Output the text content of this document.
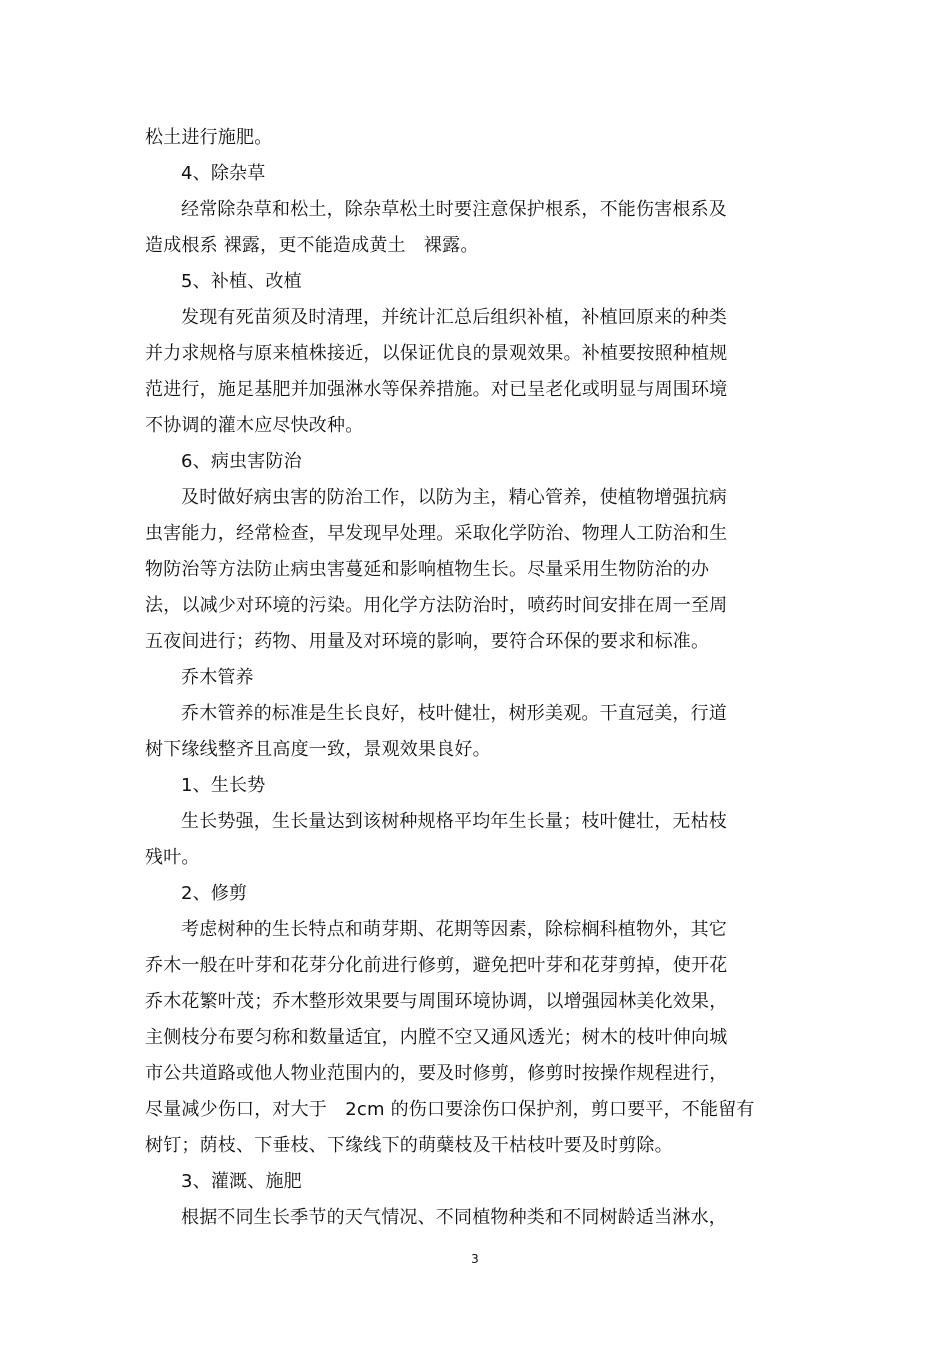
松土进行施肥。
4、除杂草
经常除杂草和松土，除杂草松土时要注意保护根系，不能伤害根系及
造成根系 裸露，更不能造成黄土　裸露。
5、补植、改植
发现有死苗须及时清理，并统计汇总后组织补植，补植回原来的种类
并力求规格与原来植株接近，以保证优良的景观效果。补植要按照种植规
范进行，施足基肥并加强淋水等保养措施。对已呈老化或明显与周围环境
不协调的灌木应尽快改种。
6、病虫害防治
及时做好病虫害的防治工作，以防为主，精心管养，使植物增强抗病
虫害能力，经常检查，早发现早处理。采取化学防治、物理人工防治和生
物防治等方法防止病虫害蔓延和影响植物生长。尽量采用生物防治的办
法，以减少对环境的污染。用化学方法防治时，喷药时间安排在周一至周
五夜间进行；药物、用量及对环境的影响，要符合环保的要求和标准。
乔木管养
乔木管养的标准是生长良好，枝叶健壮，树形美观。干直冠美，行道
树下缘线整齐且高度一致，景观效果良好。
1、生长势
生长势强，生长量达到该树种规格平均年生长量；枝叶健壮，无枯枝
残叶。
2、修剪
考虑树种的生长特点和萌芽期、花期等因素，除棕榈科植物外，其它
乔木一般在叶芽和花芽分化前进行修剪，避免把叶芽和花芽剪掉，使开花
乔木花繁叶茂；乔木整形效果要与周围环境协调，以增强园林美化效果，
主侧枝分布要匀称和数量适宜，内膛不空又通风透光；树木的枝叶伸向城
市公共道路或他人物业范围内的，要及时修剪，修剪时按操作规程进行，
尽量减少伤口，对大于　2cm 的伤口要涂伤口保护剂，剪口要平，不能留有
树钉；荫枝、下垂枝、下缘线下的萌蘖枝及干枯枝叶要及时剪除。
3、灌溉、施肥
根据不同生长季节的天气情况、不同植物种类和不同树龄适当淋水，
3
